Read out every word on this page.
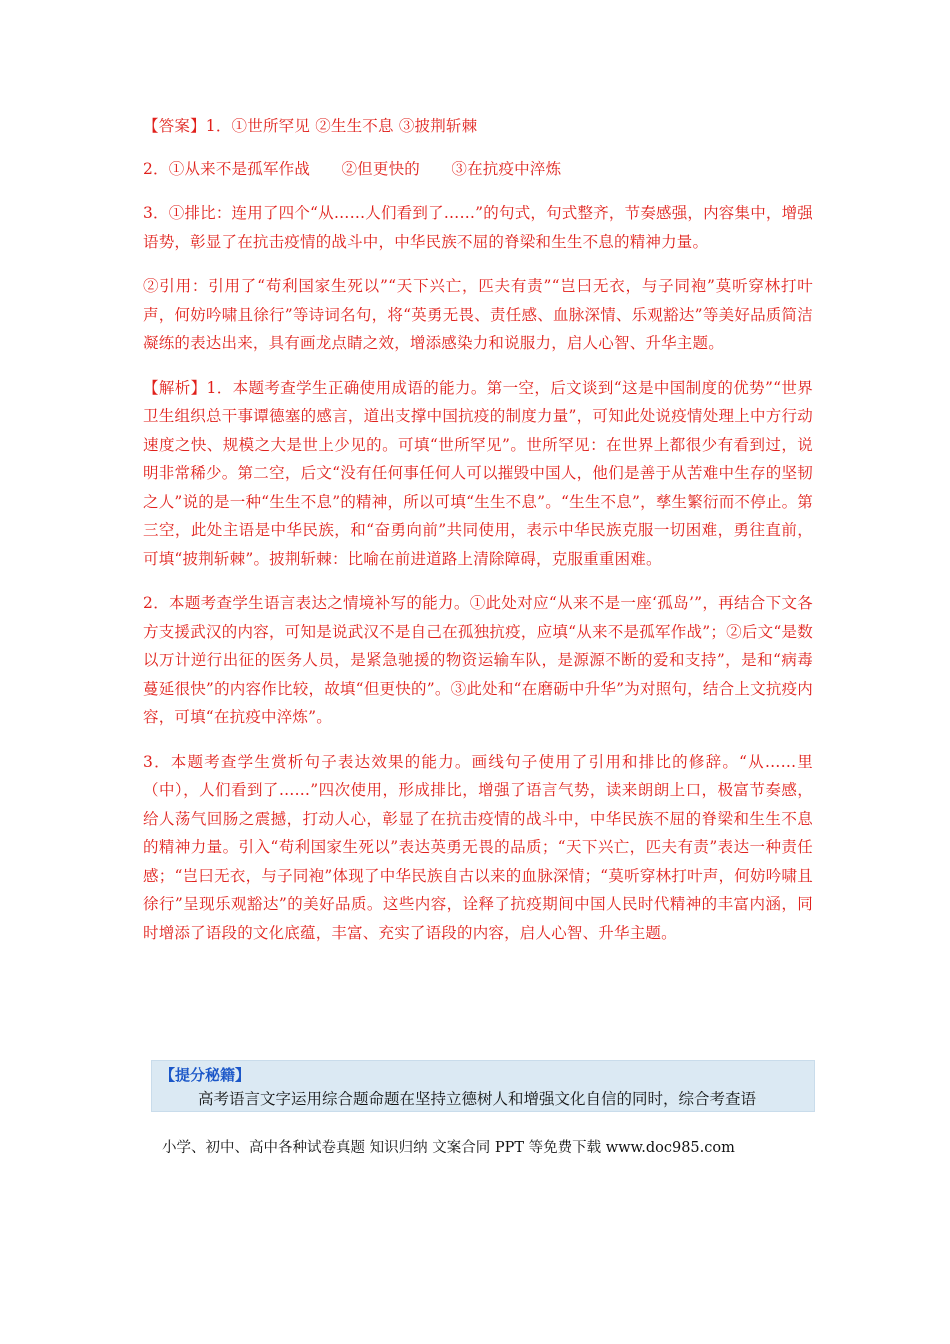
【答案】1．①世所罕见 ②生生不息 ③披荆斩棘

2．①从来不是孤军作战　　②但更快的　　③在抗疫中淬炼

3．①排比：连用了四个“从……人们看到了……”的句式，句式整齐，节奏感强，内容集中，增强语势，彰显了在抗击疫情的战斗中，中华民族不屈的脊梁和生生不息的精神力量。

②引用：引用了“苟利国家生死以”“天下兴亡，匹夫有责”“岂曰无衣，与子同袍”莫听穿林打叶声，何妨吟啸且徐行”等诗词名句，将“英勇无畏、责任感、血脉深情、乐观豁达”等美好品质简洁凝练的表达出来，具有画龙点睛之效，增添感染力和说服力，启人心智、升华主题。

【解析】1．本题考查学生正确使用成语的能力。第一空，后文谈到“这是中国制度的优势”“世界卫生组织总干事谭德塞的感言，道出支撑中国抗疫的制度力量”，可知此处说疫情处理上中方行动速度之快、规模之大是世上少见的。可填“世所罕见”。世所罕见：在世界上都很少有看到过，说明非常稀少。第二空，后文“没有任何事任何人可以摧毁中国人，他们是善于从苦难中生存的坚韧之人”说的是一种“生生不息”的精神，所以可填“生生不息”。“生生不息”，孳生繁衍而不停止。第三空，此处主语是中华民族，和“奋勇向前”共同使用，表示中华民族克服一切困难，勇往直前，可填“披荆斩棘”。披荆斩棘：比喻在前进道路上清除障碍，克服重重困难。

2．本题考查学生语言表达之情境补写的能力。①此处对应“从来不是一座‘孤岛’”，再结合下文各方支援武汉的内容，可知是说武汉不是自己在孤独抗疫，应填“从来不是孤军作战”；②后文“是数以万计逆行出征的医务人员，是紧急驰援的物资运输车队，是源源不断的爱和支持”，是和“病毒蔓延很快”的内容作比较，故填“但更快的”。③此处和“在磨砺中升华”为对照句，结合上文抗疫内容，可填“在抗疫中淬炼”。

3．本题考查学生赏析句子表达效果的能力。画线句子使用了引用和排比的修辞。“从……里（中），人们看到了……”四次使用，形成排比，增强了语言气势，读来朗朗上口，极富节奏感，给人荡气回肠之震撼，打动人心，彰显了在抗击疫情的战斗中，中华民族不屈的脊梁和生生不息的精神力量。引入“苟利国家生死以”表达英勇无畏的品质；“天下兴亡，匹夫有责”表达一种责任感；“岂曰无衣，与子同袍”体现了中华民族自古以来的血脉深情；“莫听穿林打叶声，何妨吟啸且徐行”呈现乐观豁达”的美好品质。这些内容，诠释了抗疫期间中国人民时代精神的丰富内涵，同时增添了语段的文化底蕴，丰富、充实了语段的内容，启人心智、升华主题。

【提分秘籍】
高考语言文字运用综合题命题在坚持立德树人和增强文化自信的同时，综合考查语
小学、初中、高中各种试卷真题 知识归纳 文案合同 PPT 等免费下载 www.doc985.com
